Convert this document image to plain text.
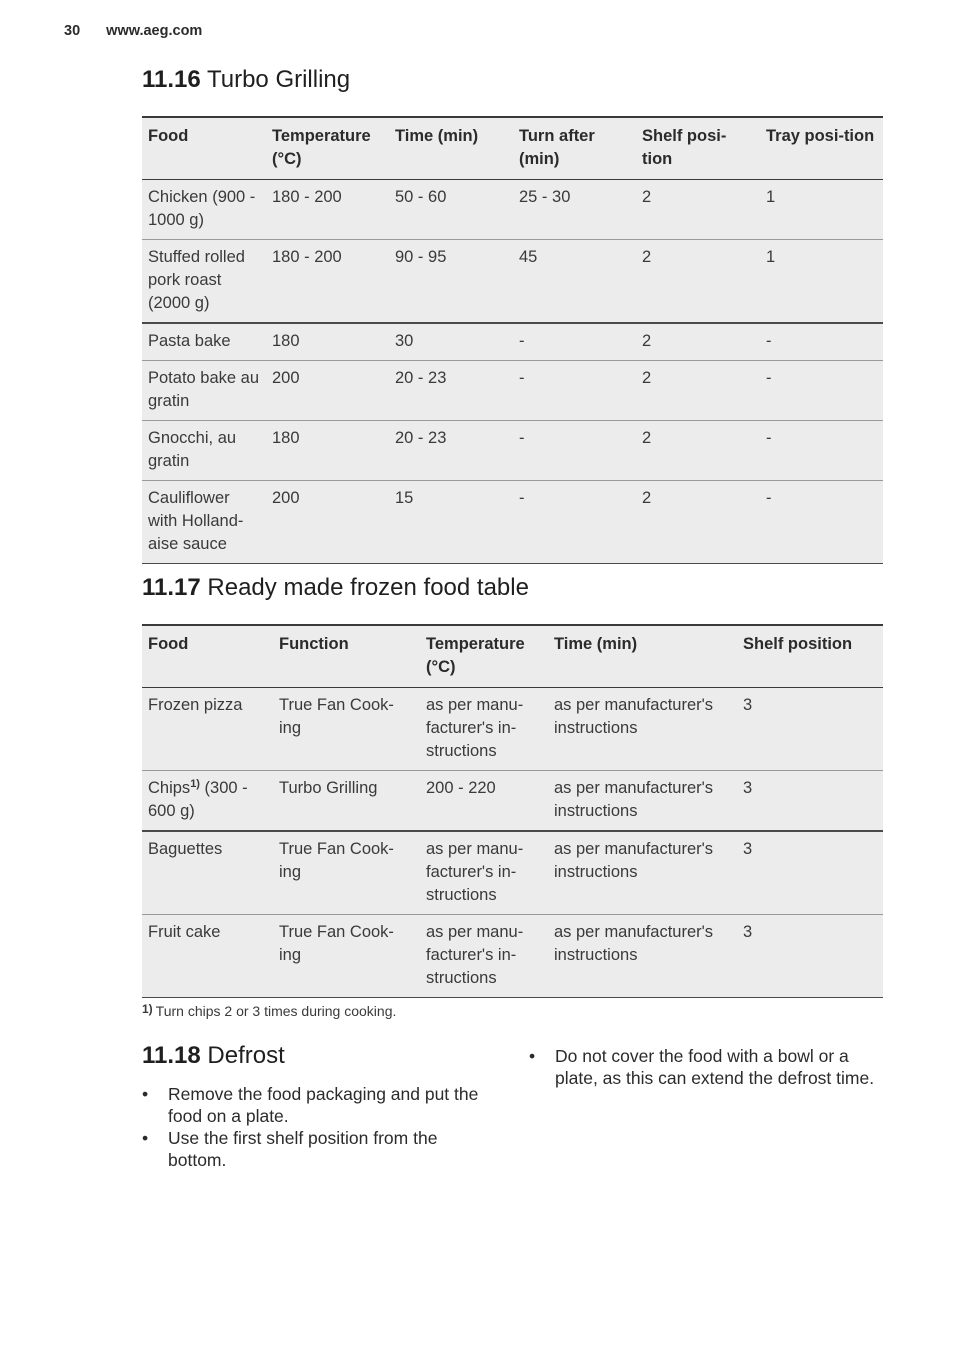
30 www.aeg.com
11.16 Turbo Grilling
Food	Temperature (°C)	Time (min)	Turn after (min)	Shelf posi-tion	Tray posi-tion
Chicken (900 - 1000 g)	180 - 200	50 - 60	25 - 30	2	1
Stuffed rolled pork roast (2000 g)	180 - 200	90 - 95	45	2	1
Pasta bake	180	30	-	2	-
Potato bake au gratin	200	20 - 23	-	2	-
Gnocchi, au gratin	180	20 - 23	-	2	-
Cauliflower with Holland-aise sauce	200	15	-	2	-
11.17 Ready made frozen food table
Food	Function	Temperature (°C)	Time (min)	Shelf position
Frozen pizza	True Fan Cook-ing	as per manu-facturer's in-structions	as per manufacturer's instructions	3
Chips$^{1)}$ (300 - 600 g)	Turbo Grilling	200 - 220	as per manufacturer's instructions	3
Baguettes	True Fan Cook-ing	as per manu-facturer's in-structions	as per manufacturer's instructions	3
Fruit cake	True Fan Cook-ing	as per manu-facturer's in-structions	as per manufacturer's instructions	3
1) Turn chips 2 or 3 times during cooking.
11.18 Defrost
• Remove the food packaging and put the food on a plate.
• Use the first shelf position from the bottom.
• Do not cover the food with a bowl or a plate, as this can extend the defrost time.
